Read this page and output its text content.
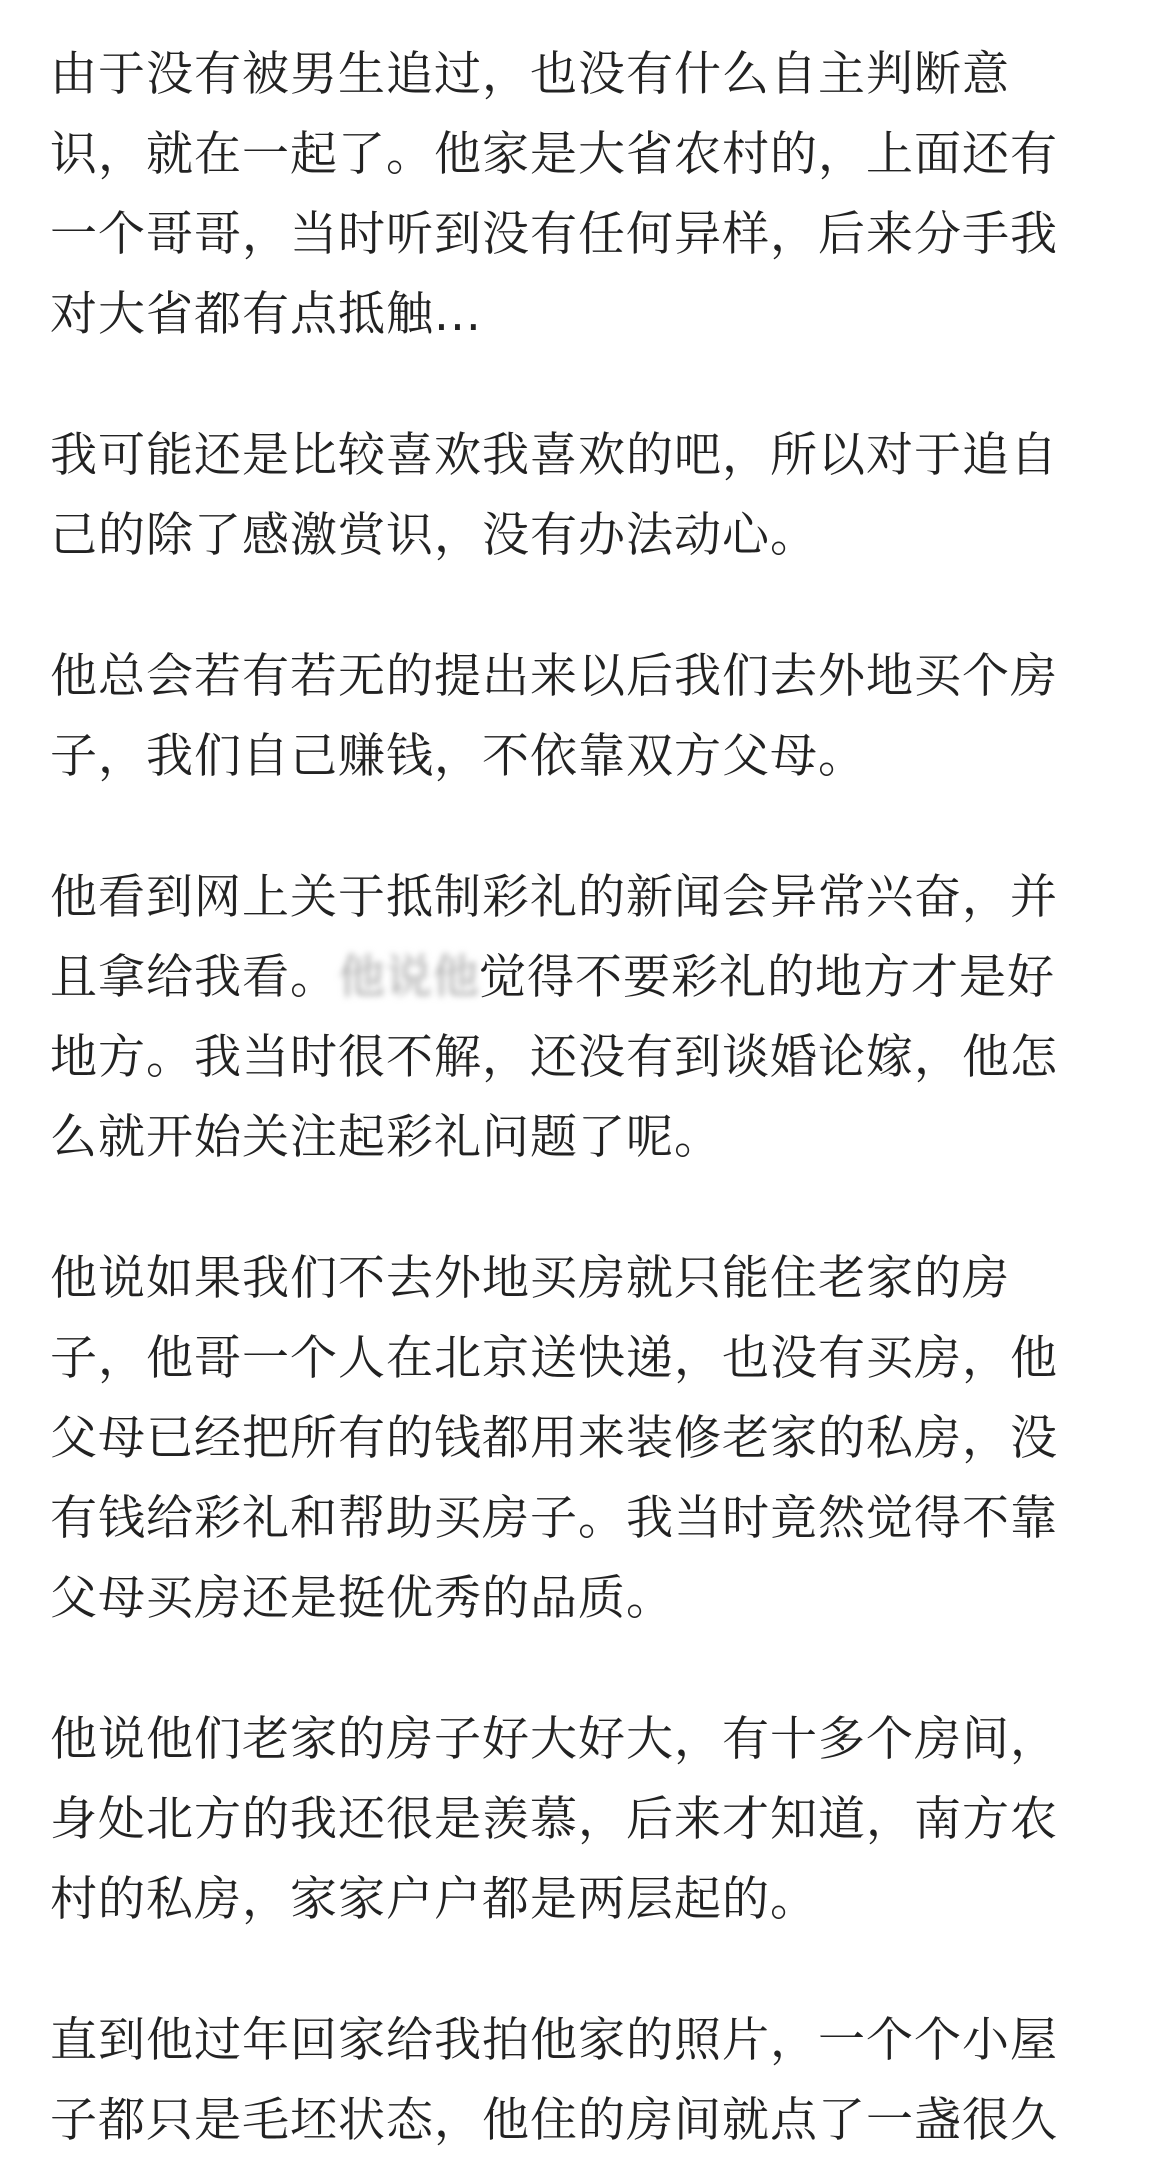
由于没有被男生追过，也没有什么自主判断意
识，就在一起了。他家是大省农村的，上面还有
一个哥哥，当时听到没有任何异样，后来分手我
对大省都有点抵触...
我可能还是比较喜欢我喜欢的吧，所以对于追自
己的除了感激赏识，没有办法动心。
他总会若有若无的提出来以后我们去外地买个房
子，我们自己赚钱，不依靠双方父母。
他看到网上关于抵制彩礼的新闻会异常兴奋，并
且拿给我看。他说他觉得不要彩礼的地方才是好
地方。我当时很不解，还没有到谈婚论嫁，他怎
么就开始关注起彩礼问题了呢。
他说如果我们不去外地买房就只能住老家的房
子，他哥一个人在北京送快递，也没有买房，他
父母已经把所有的钱都用来装修老家的私房，没
有钱给彩礼和帮助买房子。我当时竟然觉得不靠
父母买房还是挺优秀的品质。
他说他们老家的房子好大好大，有十多个房间，
身处北方的我还很是羡慕，后来才知道，南方农
村的私房，家家户户都是两层起的。
直到他过年回家给我拍他家的照片，一个个小屋
子都只是毛坯状态，他住的房间就点了一盏很久
